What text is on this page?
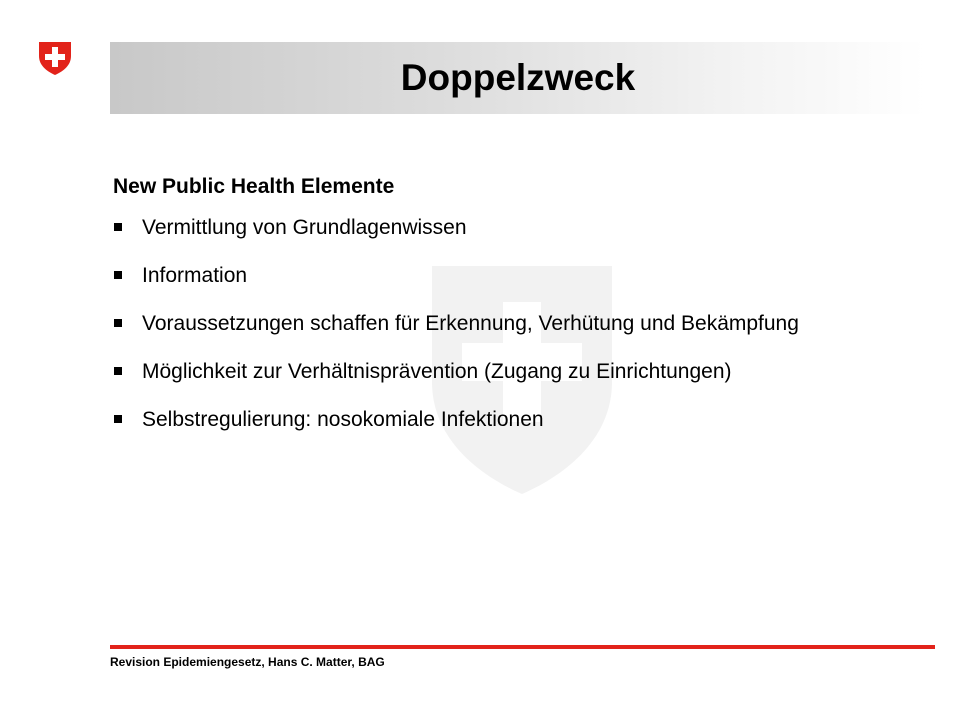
Doppelzweck

New Public Health Elemente

Vermittlung von Grundlagenwissen
Information
Voraussetzungen schaffen für Erkennung, Verhütung und Bekämpfung
Möglichkeit zur Verhältnisprävention (Zugang zu Einrichtungen)
Selbstregulierung: nosokomiale Infektionen

Revision Epidemiengesetz, Hans C. Matter, BAG
